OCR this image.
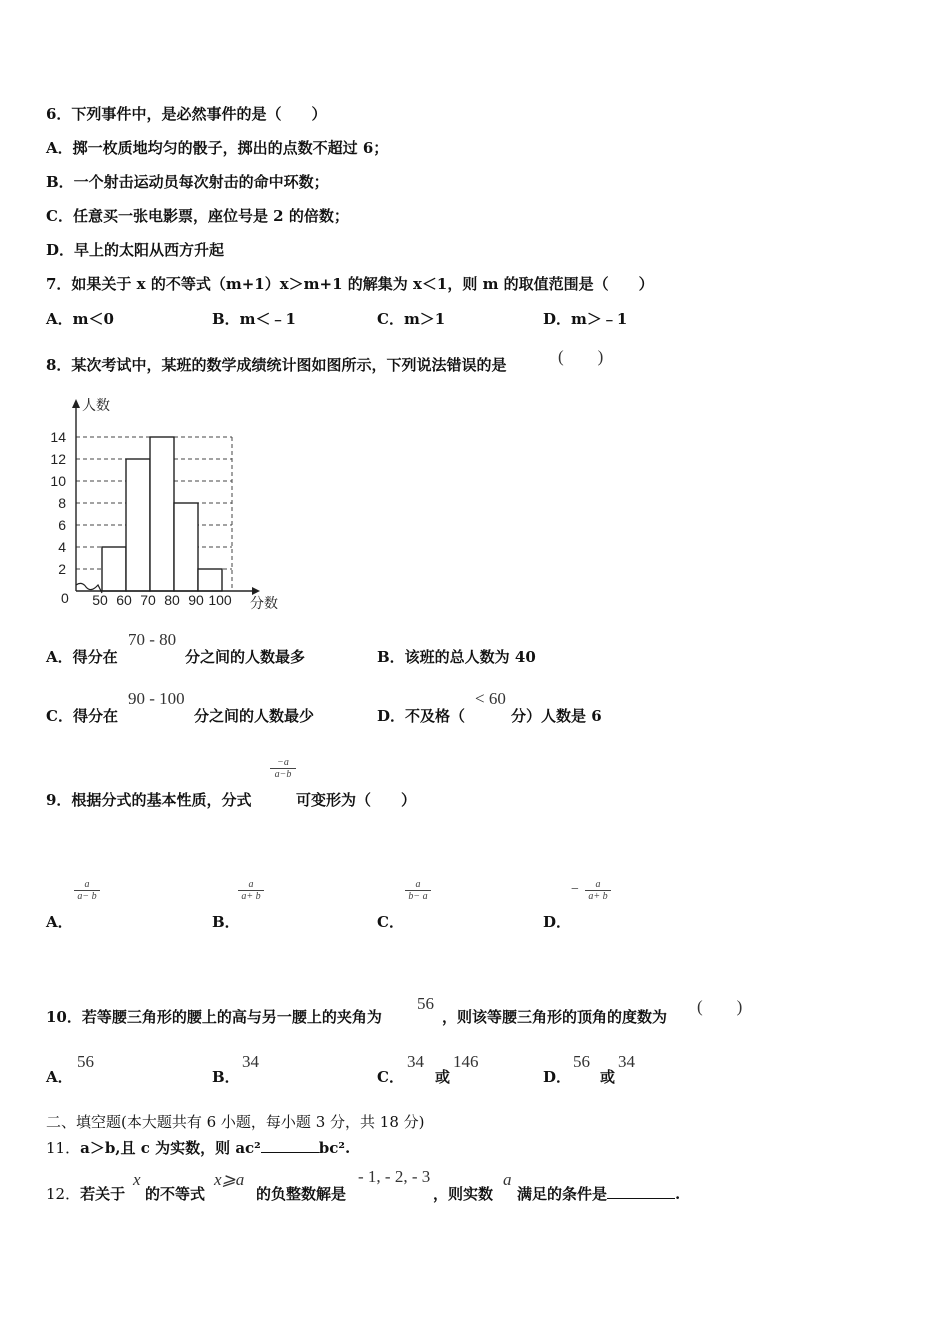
6．下列事件中，是必然事件的是（　　）
A．掷一枚质地均匀的骰子，掷出的点数不超过 6；
B．一个射击运动员每次射击的命中环数；
C．任意买一张电影票，座位号是 2 的倍数；
D．早上的太阳从西方升起
7．如果关于 x 的不等式（m+1）x＞m+1 的解集为 x＜1，则 m 的取值范围是（　　）
A．m＜0	B．m＜﹣1	C．m＞1	D．m＞﹣1
8．某次考试中，某班的数学成绩统计图如图所示，下列说法错误的是	(　　)
2
4
6
8
10
12
14
50 60 70 80 90 100
人数
分数
0
A．得分在
70 - 80
分之间的人数最多	B．该班的总人数为 40
C．得分在
90 - 100
分之间的人数最少	D．不及格（
< 60
分）人数是 6
9．根据分式的基本性质，分式
$\frac{-a}{a-b}$
可变形为（　　）
A．
$\frac{a}{a- b}$
B．
$\frac{a}{a+ b}$
C．
$\frac{a}{b- a}$
D．
− $\frac{a}{a+ b}$
10．若等腰三角形的腰上的高与另一腰上的夹角为
56
，则该等腰三角形的顶角的度数为
(　　)
A．
56
B．
34
C．
34
或
146
D．
56
或
34
二、填空题(本大题共有 6 小题，每小题 3 分，共 18 分)
11．a＞b,且 c 为实数，则 ac²	bc².
12．若关于
x
的不等式
x⩾a
的负整数解是
- 1, - 2, - 3
，则实数
a
满足的条件是	.
